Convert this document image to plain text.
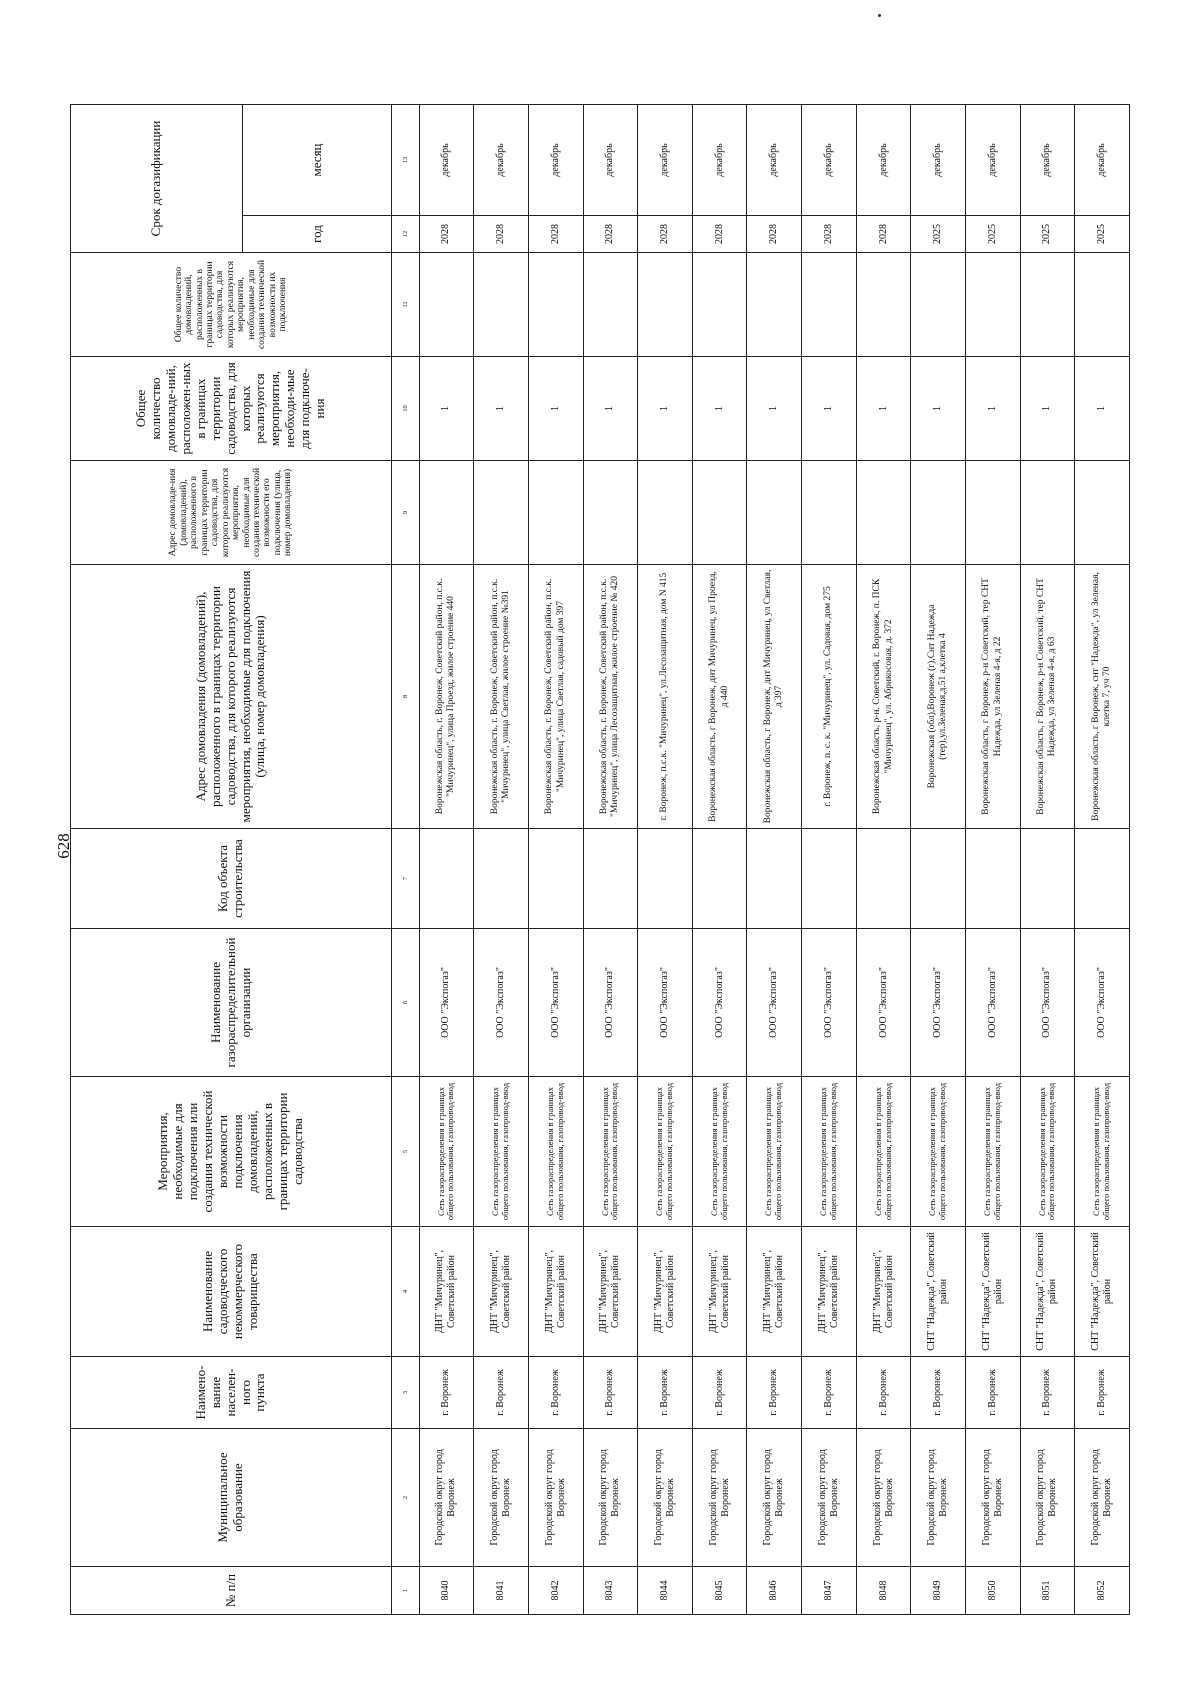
628
№ п/п	Муниципальное образование	Наимено-вание населен-ного пункта	Наименование садоводческого некоммерческого товарищества	Мероприятия, необходимые для подключения или создания технической возможности подключения домовладений, расположенных в границах территории садоводства	Наименование газораспределительной организации	Код объекта строительства	Адрес домовладения (домовладений), расположенного в границах территории садоводства, для которого реализуются мероприятия, необходимые для подключения (улица, номер домовладения)	Адрес домовладе-ния (домовладений), расположенного в границах территории садоводства, для которого реализуются мероприятия, необходимые для создания технической возможности его подключения (улица, номер домовладения)	Общее количество домовладе-ний, расположен-ных в границах территории садоводства, для которых реализуются мероприятия, необходи-мые для подключе-ния	Общее количество домовладений, расположенных в границах территории садоводства, для которых реализуются мероприятия, необходимые для создания технической возможности их подключения	Срок догазификации	
											год	месяц
1	2	3	4	5	6	7	8	9	10	11	12	13
8040	Городской округ город Воронеж	г. Воронеж	ДНТ "Мичуринец", Советский район	Сеть газораспределения в границах общего пользования, газопровод-ввод	ООО "Экспогаз"		Воронежская область, г. Воронеж, Советский район, п.с.к. "Мичуринец", улица Проезд, жилое строение 440		1		2028	декабрь
8041	Городской округ город Воронеж	г. Воронеж	ДНТ "Мичуринец", Советский район	Сеть газораспределения в границах общего пользования, газопровод-ввод	ООО "Экспогаз"		Воронежская область, г. Воронеж, Советский район, п.с.к. "Мичуринец", улица Светлая, жилое строение №391		1		2028	декабрь
8042	Городской округ город Воронеж	г. Воронеж	ДНТ "Мичуринец", Советский район	Сеть газораспределения в границах общего пользования, газопровод-ввод	ООО "Экспогаз"		Воронежская область, г. Воронеж, Советский район, п.с.к. "Мичуринец", улица Светлая, садовый дом 397		1		2028	декабрь
8043	Городской округ город Воронеж	г. Воронеж	ДНТ "Мичуринец", Советский район	Сеть газораспределения в границах общего пользования, газопровод-ввод	ООО "Экспогаз"		Воронежская область, г. Воронеж, Советский район, п.с.к. "Мичуринец", улица Лесозащитная, жилое строение № 420		1		2028	декабрь
8044	Городской округ город Воронеж	г. Воронеж	ДНТ "Мичуринец", Советский район	Сеть газораспределения в границах общего пользования, газопровод-ввод	ООО "Экспогаз"		г. Воронеж, п.с.к. "Мичуринец", ул.Лесозащитная, дом N 415		1		2028	декабрь
8045	Городской округ город Воронеж	г. Воронеж	ДНТ "Мичуринец", Советский район	Сеть газораспределения в границах общего пользования, газопровод-ввод	ООО "Экспогаз"		Воронежская область, г Воронеж, днт Мичуринец, ул Проезд, д 440		1		2028	декабрь
8046	Городской округ город Воронеж	г. Воронеж	ДНТ "Мичуринец", Советский район	Сеть газораспределения в границах общего пользования, газопровод-ввод	ООО "Экспогаз"		Воронежская область, г Воронеж, днт Мичуринец, ул Светлая, д 397		1		2028	декабрь
8047	Городской округ город Воронеж	г. Воронеж	ДНТ "Мичуринец", Советский район	Сеть газораспределения в границах общего пользования, газопровод-ввод	ООО "Экспогаз"		г. Воронеж, п. с. к. "Мичуринец", ул. Садовая, дом 275		1		2028	декабрь
8048	Городской округ город Воронеж	г. Воронеж	ДНТ "Мичуринец", Советский район	Сеть газораспределения в границах общего пользования, газопровод-ввод	ООО "Экспогаз"		Воронежская область, р-н. Советский, г. Воронеж, п. ПСК "Мичуринец", ул. Абрикосовая, д. 372		1		2028	декабрь
8049	Городской округ город Воронеж	г. Воронеж	СНТ "Надежда", Советский район	Сеть газораспределения в границах общего пользования, газопровод-ввод	ООО "Экспогаз"		Воронежская (обл),Воронеж (г),Снт Надежда (тер),ул.Зеленая,д.51 а,клетка 4		1		2025	декабрь
8050	Городской округ город Воронеж	г. Воронеж	СНТ "Надежда", Советский район	Сеть газораспределения в границах общего пользования, газопровод-ввод	ООО "Экспогаз"		Воронежская область, г Воронеж, р-н Советский, тер СНТ Надежда, ул Зеленая 4-я, д 22		1		2025	декабрь
8051	Городской округ город Воронеж	г. Воронеж	СНТ "Надежда", Советский район	Сеть газораспределения в границах общего пользования, газопровод-ввод	ООО "Экспогаз"		Воронежская область, г Воронеж, р-н Советский, тер СНТ Надежда, ул Зеленая 4-я, д 63		1		2025	декабрь
8052	Городской округ город Воронеж	г. Воронеж	СНТ "Надежда", Советский район	Сеть газораспределения в границах общего пользования, газопровод-ввод	ООО "Экспогаз"		Воронежская область, г Воронеж, снт "Надежда", ул Зеленая, клетка 7, уч 70		1		2025	декабрь
